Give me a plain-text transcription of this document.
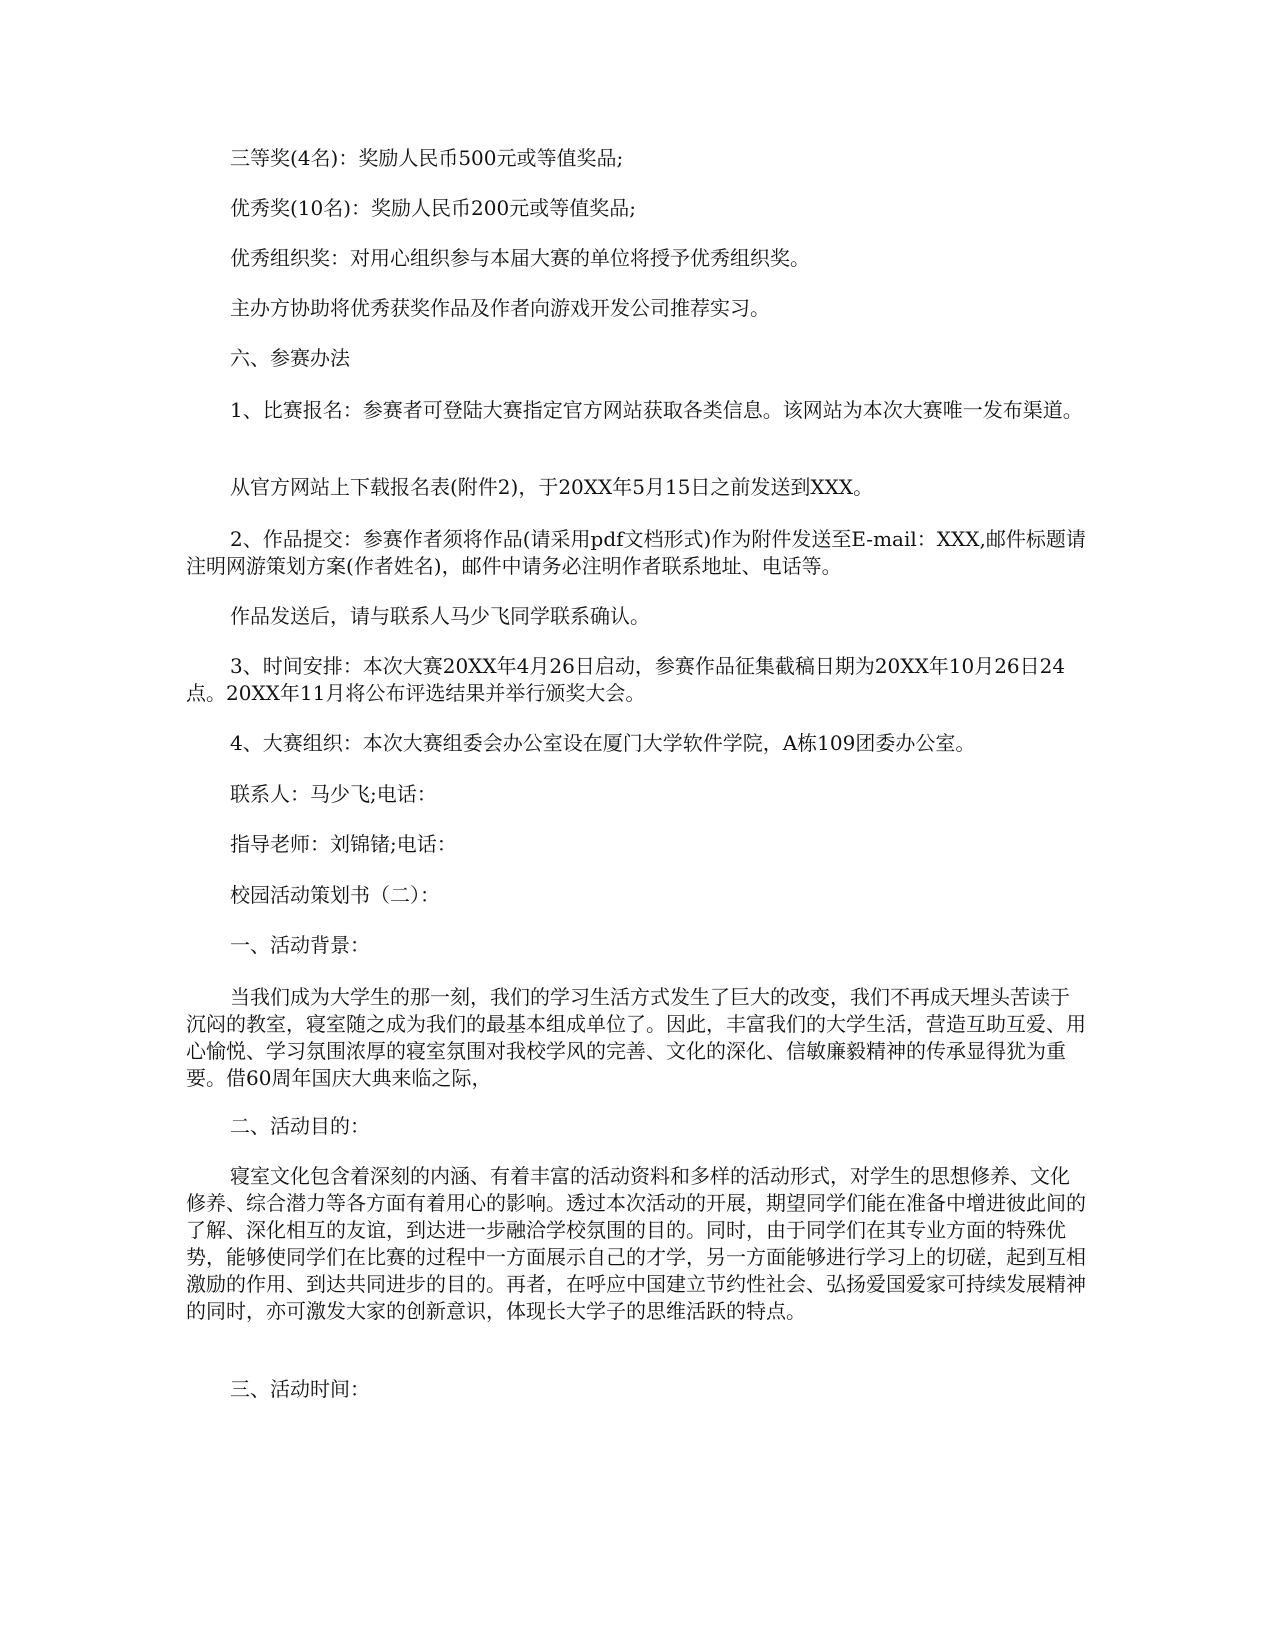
三等奖(4名)：奖励人民币500元或等值奖品;

优秀奖(10名)：奖励人民币200元或等值奖品;

优秀组织奖：对用心组织参与本届大赛的单位将授予优秀组织奖。

主办方协助将优秀获奖作品及作者向游戏开发公司推荐实习。

六、参赛办法

1、比赛报名：参赛者可登陆大赛指定官方网站获取各类信息。该网站为本次大赛唯一发布渠道。

从官方网站上下载报名表(附件2)，于20XX年5月15日之前发送到XXX。

2、作品提交：参赛作者须将作品(请采用pdf文档形式)作为附件发送至E-mail：XXX,邮件标题请注明网游策划方案(作者姓名)，邮件中请务必注明作者联系地址、电话等。

作品发送后，请与联系人马少飞同学联系确认。

3、时间安排：本次大赛20XX年4月26日启动，参赛作品征集截稿日期为20XX年10月26日24点。20XX年11月将公布评选结果并举行颁奖大会。

4、大赛组织：本次大赛组委会办公室设在厦门大学软件学院，A栋109团委办公室。

联系人：马少飞;电话：

指导老师：刘锦锗;电话：

校园活动策划书（二）：

一、活动背景：

当我们成为大学生的那一刻，我们的学习生活方式发生了巨大的改变，我们不再成天埋头苦读于沉闷的教室，寝室随之成为我们的最基本组成单位了。因此，丰富我们的大学生活，营造互助互爱、用心愉悦、学习氛围浓厚的寝室氛围对我校学风的完善、文化的深化、信敏廉毅精神的传承显得犹为重要。借60周年国庆大典来临之际，

二、活动目的：

寝室文化包含着深刻的内涵、有着丰富的活动资料和多样的活动形式，对学生的思想修养、文化修养、综合潜力等各方面有着用心的影响。透过本次活动的开展，期望同学们能在准备中增进彼此间的了解、深化相互的友谊，到达进一步融洽学校氛围的目的。同时，由于同学们在其专业方面的特殊优势，能够使同学们在比赛的过程中一方面展示自己的才学，另一方面能够进行学习上的切磋，起到互相激励的作用、到达共同进步的目的。再者，在呼应中国建立节约性社会、弘扬爱国爱家可持续发展精神的同时，亦可激发大家的创新意识，体现长大学子的思维活跃的特点。

三、活动时间：
